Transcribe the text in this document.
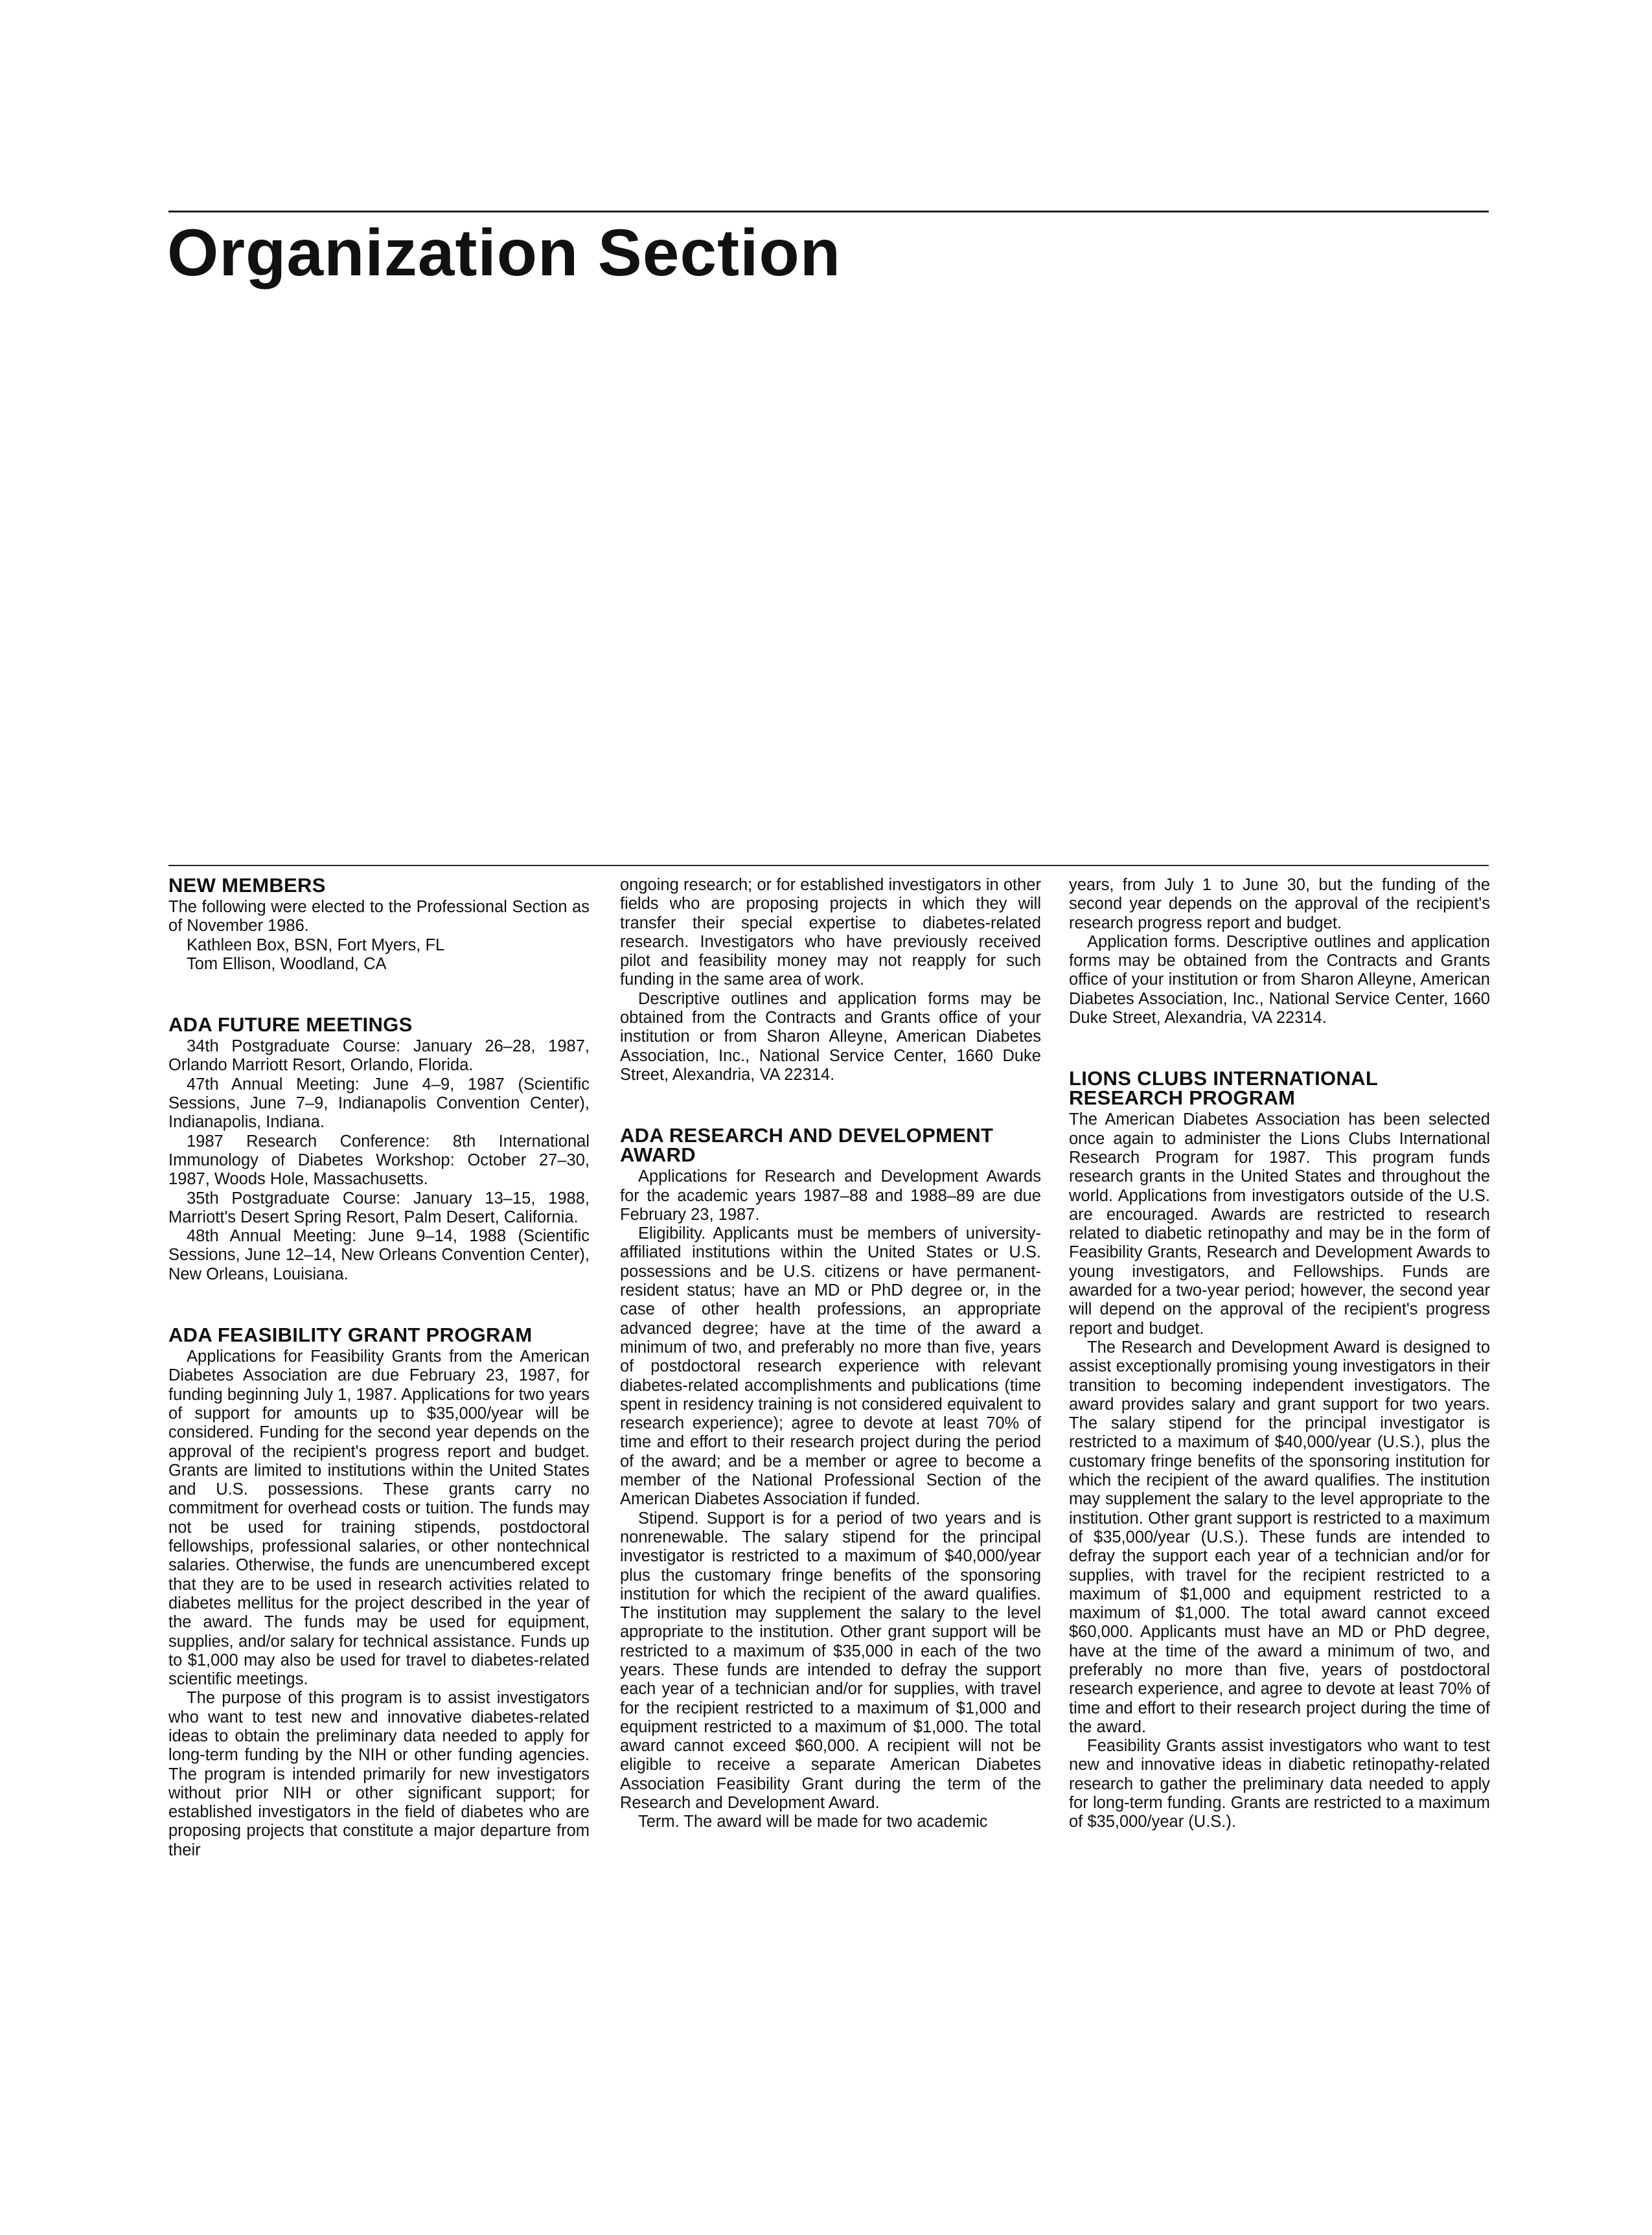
Organization Section
NEW MEMBERS

The following were elected to the Professional Section as of November 1986.

Kathleen Box, BSN, Fort Myers, FL

Tom Ellison, Woodland, CA

ADA FUTURE MEETINGS

34th Postgraduate Course: January 26–28, 1987, Orlando Marriott Resort, Orlando, Florida.

47th Annual Meeting: June 4–9, 1987 (Scientific Sessions, June 7–9, Indianapolis Convention Center), Indianapolis, Indiana.

1987 Research Conference: 8th International Immunology of Diabetes Workshop: October 27–30, 1987, Woods Hole, Massachusetts.

35th Postgraduate Course: January 13–15, 1988, Marriott's Desert Spring Resort, Palm Desert, California.

48th Annual Meeting: June 9–14, 1988 (Scientific Sessions, June 12–14, New Orleans Convention Center), New Orleans, Louisiana.

ADA FEASIBILITY GRANT PROGRAM

Applications for Feasibility Grants from the American Diabetes Association are due February 23, 1987, for funding beginning July 1, 1987. Applications for two years of support for amounts up to $35,000/year will be considered. Funding for the second year depends on the approval of the recipient's progress report and budget. Grants are limited to institutions within the United States and U.S. possessions. These grants carry no commitment for overhead costs or tuition. The funds may not be used for training stipends, postdoctoral fellowships, professional salaries, or other nontechnical salaries. Otherwise, the funds are unencumbered except that they are to be used in research activities related to diabetes mellitus for the project described in the year of the award. The funds may be used for equipment, supplies, and/or salary for technical assistance. Funds up to $1,000 may also be used for travel to diabetes-related scientific meetings.

The purpose of this program is to assist investigators who want to test new and innovative diabetes-related ideas to obtain the preliminary data needed to apply for long-term funding by the NIH or other funding agencies. The program is intended primarily for new investigators without prior NIH or other significant support; for established investigators in the field of diabetes who are proposing projects that constitute a major departure from their

ongoing research; or for established investigators in other fields who are proposing projects in which they will transfer their special expertise to diabetes-related research. Investigators who have previously received pilot and feasibility money may not reapply for such funding in the same area of work.

Descriptive outlines and application forms may be obtained from the Contracts and Grants office of your institution or from Sharon Alleyne, American Diabetes Association, Inc., National Service Center, 1660 Duke Street, Alexandria, VA 22314.

ADA RESEARCH AND DEVELOPMENT AWARD

Applications for Research and Development Awards for the academic years 1987–88 and 1988–89 are due February 23, 1987.

Eligibility. Applicants must be members of university-affiliated institutions within the United States or U.S. possessions and be U.S. citizens or have permanent-resident status; have an MD or PhD degree or, in the case of other health professions, an appropriate advanced degree; have at the time of the award a minimum of two, and preferably no more than five, years of postdoctoral research experience with relevant diabetes-related accomplishments and publications (time spent in residency training is not considered equivalent to research experience); agree to devote at least 70% of time and effort to their research project during the period of the award; and be a member or agree to become a member of the National Professional Section of the American Diabetes Association if funded.

Stipend. Support is for a period of two years and is nonrenewable. The salary stipend for the principal investigator is restricted to a maximum of $40,000/year plus the customary fringe benefits of the sponsoring institution for which the recipient of the award qualifies. The institution may supplement the salary to the level appropriate to the institution. Other grant support will be restricted to a maximum of $35,000 in each of the two years. These funds are intended to defray the support each year of a technician and/or for supplies, with travel for the recipient restricted to a maximum of $1,000 and equipment restricted to a maximum of $1,000. The total award cannot exceed $60,000. A recipient will not be eligible to receive a separate American Diabetes Association Feasibility Grant during the term of the Research and Development Award.

Term. The award will be made for two academic

years, from July 1 to June 30, but the funding of the second year depends on the approval of the recipient's research progress report and budget.

Application forms. Descriptive outlines and application forms may be obtained from the Contracts and Grants office of your institution or from Sharon Alleyne, American Diabetes Association, Inc., National Service Center, 1660 Duke Street, Alexandria, VA 22314.

LIONS CLUBS INTERNATIONAL RESEARCH PROGRAM

The American Diabetes Association has been selected once again to administer the Lions Clubs International Research Program for 1987. This program funds research grants in the United States and throughout the world. Applications from investigators outside of the U.S. are encouraged. Awards are restricted to research related to diabetic retinopathy and may be in the form of Feasibility Grants, Research and Development Awards to young investigators, and Fellowships. Funds are awarded for a two-year period; however, the second year will depend on the approval of the recipient's progress report and budget.

The Research and Development Award is designed to assist exceptionally promising young investigators in their transition to becoming independent investigators. The award provides salary and grant support for two years. The salary stipend for the principal investigator is restricted to a maximum of $40,000/year (U.S.), plus the customary fringe benefits of the sponsoring institution for which the recipient of the award qualifies. The institution may supplement the salary to the level appropriate to the institution. Other grant support is restricted to a maximum of $35,000/year (U.S.). These funds are intended to defray the support each year of a technician and/or for supplies, with travel for the recipient restricted to a maximum of $1,000 and equipment restricted to a maximum of $1,000. The total award cannot exceed $60,000. Applicants must have an MD or PhD degree, have at the time of the award a minimum of two, and preferably no more than five, years of postdoctoral research experience, and agree to devote at least 70% of time and effort to their research project during the time of the award.

Feasibility Grants assist investigators who want to test new and innovative ideas in diabetic retinopathy-related research to gather the preliminary data needed to apply for long-term funding. Grants are restricted to a maximum of $35,000/year (U.S.).
